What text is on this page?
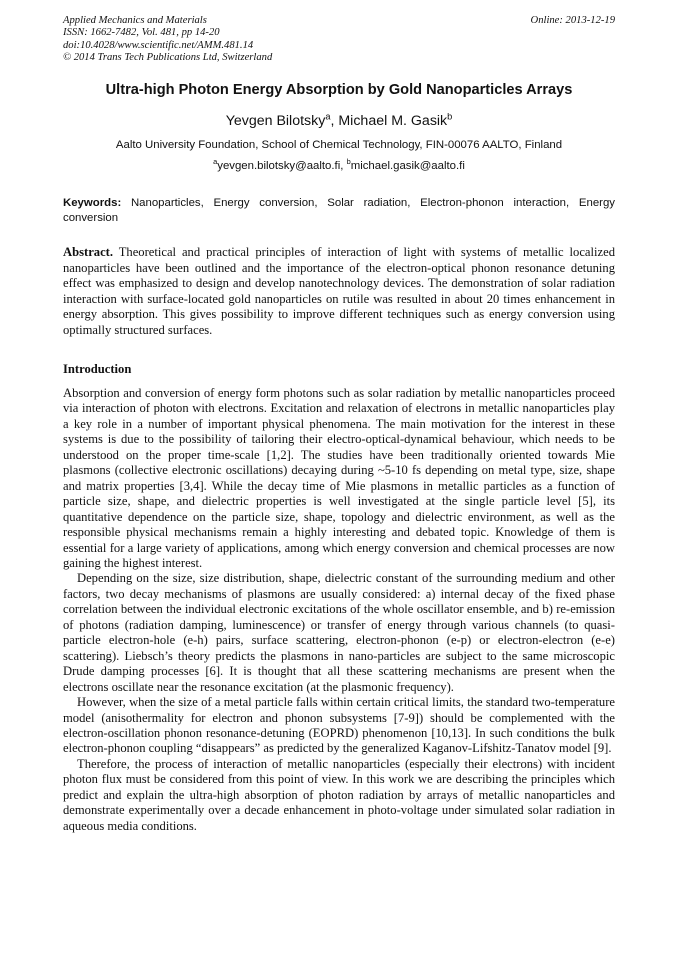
Applied Mechanics and Materials
ISSN: 1662-7482, Vol. 481, pp 14-20
doi:10.4028/www.scientific.net/AMM.481.14
© 2014 Trans Tech Publications Ltd, Switzerland
Online: 2013-12-19
Ultra-high Photon Energy Absorption by Gold Nanoparticles Arrays
Yevgen Bilotsky$^a$, Michael M. Gasik$^b$
Aalto University Foundation, School of Chemical Technology, FIN-00076 AALTO, Finland
$^a$yevgen.bilotsky@aalto.fi, $^b$michael.gasik@aalto.fi
Keywords: Nanoparticles, Energy conversion, Solar radiation, Electron-phonon interaction, Energy conversion
Abstract. Theoretical and practical principles of interaction of light with systems of metallic localized nanoparticles have been outlined and the importance of the electron-optical phonon resonance detuning effect was emphasized to design and develop nanotechnology devices. The demonstration of solar radiation interaction with surface-located gold nanoparticles on rutile was resulted in about 20 times enhancement in energy absorption. This gives possibility to improve different techniques such as energy conversion using optimally structured surfaces.
Introduction

Absorption and conversion of energy form photons such as solar radiation by metallic nanoparticles proceed via interaction of photon with electrons. Excitation and relaxation of electrons in metallic nanoparticles play a key role in a number of important physical phenomena. The main motivation for the interest in these systems is due to the possibility of tailoring their electro-optical-dynamical behaviour, which needs to be understood on the proper time-scale [1,2]. The studies have been traditionally oriented towards Mie plasmons (collective electronic oscillations) decaying during ~5-10 fs depending on metal type, size, shape and matrix properties [3,4]. While the decay time of Mie plasmons in metallic particles as a function of particle size, shape, and dielectric properties is well investigated at the single particle level [5], its quantitative dependence on the particle size, shape, topology and dielectric environment, as well as the responsible physical mechanisms remain a highly interesting and debated topic. Knowledge of them is essential for a large variety of applications, among which energy conversion and chemical processes are now gaining the highest interest.

Depending on the size, size distribution, shape, dielectric constant of the surrounding medium and other factors, two decay mechanisms of plasmons are usually considered: a) internal decay of the fixed phase correlation between the individual electronic excitations of the whole oscillator ensemble, and b) re-emission of photons (radiation damping, luminescence) or transfer of energy through various channels (to quasi-particle electron-hole (e-h) pairs, surface scattering, electron-phonon (e-p) or electron-electron (e-e) scattering). Liebsch’s theory predicts the plasmons in nano-particles are subject to the same microscopic Drude damping processes [6]. It is thought that all these scattering mechanisms are present when the electrons oscillate near the resonance excitation (at the plasmonic frequency).

However, when the size of a metal particle falls within certain critical limits, the standard two-temperature model (anisothermality for electron and phonon subsystems [7-9]) should be complemented with the electron-oscillation phonon resonance-detuning (EOPRD) phenomenon [10,13]. In such conditions the bulk electron-phonon coupling “disappears” as predicted by the generalized Kaganov-Lifshitz-Tanatov model [9].

Therefore, the process of interaction of metallic nanoparticles (especially their electrons) with incident photon flux must be considered from this point of view. In this work we are describing the principles which predict and explain the ultra-high absorption of photon radiation by arrays of metallic nanoparticles and demonstrate experimentally over a decade enhancement in photo-voltage under simulated solar radiation in aqueous media conditions.
